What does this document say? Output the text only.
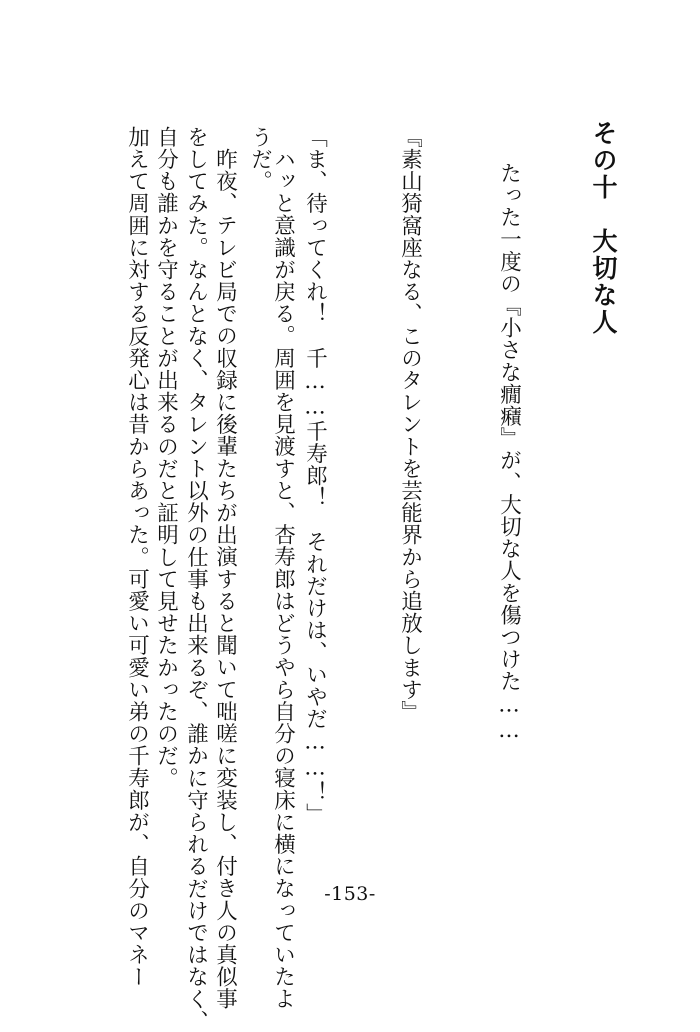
その十　大切な人
たった一度の『小さな癇癪』が、大切な人を傷つけた……
『素山猗窩座なる、このタレントを芸能界から追放します』
「ま、待ってくれ！　千……千寿郎！　それだけは、いやだ……！」
ハッと意識が戻る。周囲を見渡すと、杏寿郎はどうやら自分の寝床に横になっていたよ
うだ。
昨夜、テレビ局での収録に後輩たちが出演すると聞いて咄嗟に変装し、付き人の真似事
をしてみた。なんとなく、タレント以外の仕事も出来るぞ、誰かに守られるだけではなく、
自分も誰かを守ることが出来るのだと証明して見せたかったのだ。
加えて周囲に対する反発心は昔からあった。可愛い可愛い弟の千寿郎が、自分のマネー	-153-
